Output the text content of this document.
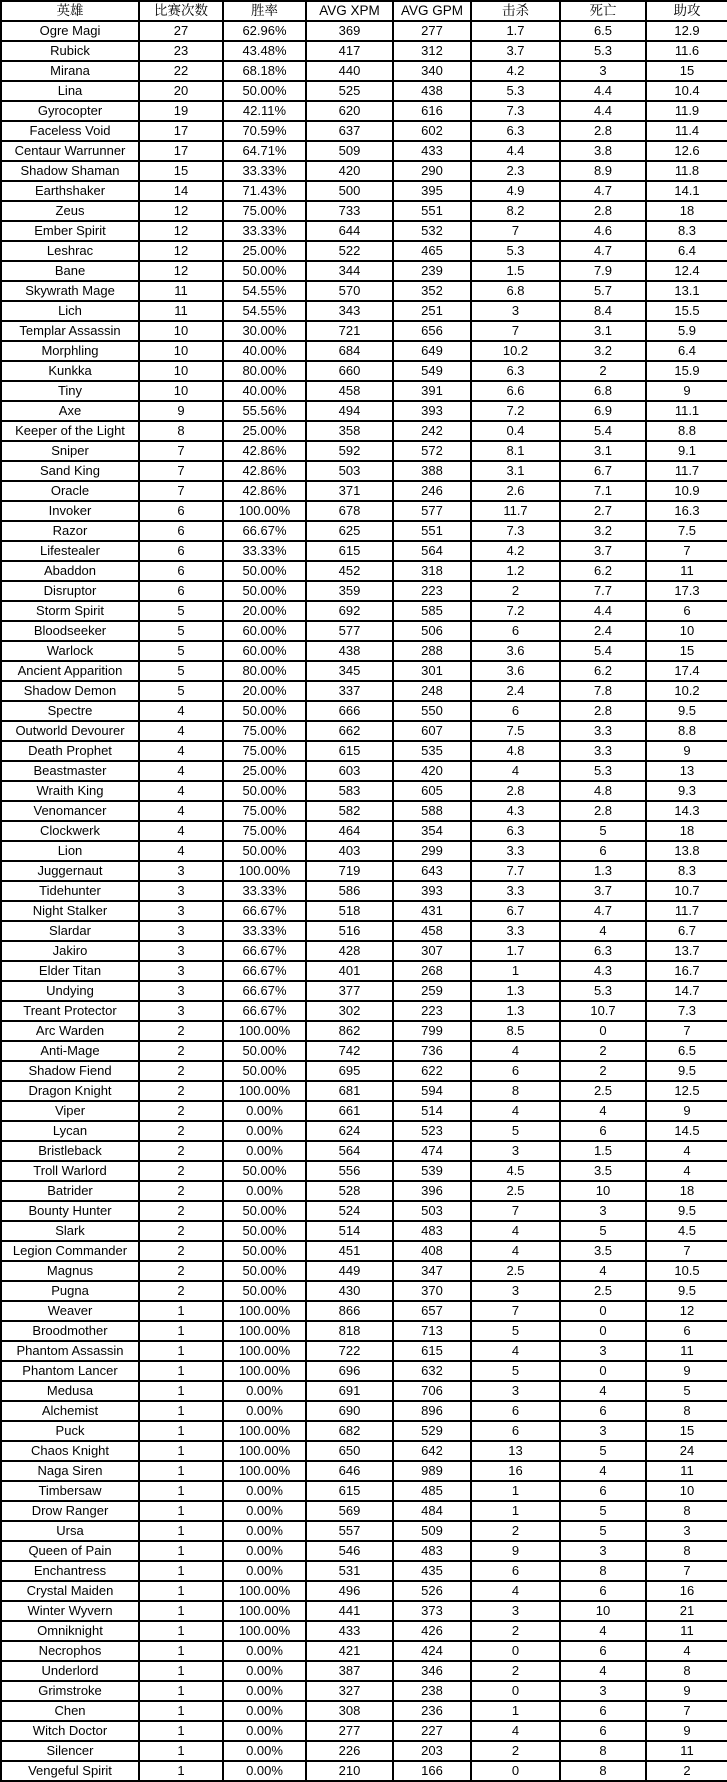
英雄	比赛次数	胜率	AVG XPM	AVG GPM	击杀	死亡	助攻
Ogre Magi	27	62.96%	369	277	1.7	6.5	12.9
Rubick	23	43.48%	417	312	3.7	5.3	11.6
Mirana	22	68.18%	440	340	4.2	3	15
Lina	20	50.00%	525	438	5.3	4.4	10.4
Gyrocopter	19	42.11%	620	616	7.3	4.4	11.9
Faceless Void	17	70.59%	637	602	6.3	2.8	11.4
Centaur Warrunner	17	64.71%	509	433	4.4	3.8	12.6
Shadow Shaman	15	33.33%	420	290	2.3	8.9	11.8
Earthshaker	14	71.43%	500	395	4.9	4.7	14.1
Zeus	12	75.00%	733	551	8.2	2.8	18
Ember Spirit	12	33.33%	644	532	7	4.6	8.3
Leshrac	12	25.00%	522	465	5.3	4.7	6.4
Bane	12	50.00%	344	239	1.5	7.9	12.4
Skywrath Mage	11	54.55%	570	352	6.8	5.7	13.1
Lich	11	54.55%	343	251	3	8.4	15.5
Templar Assassin	10	30.00%	721	656	7	3.1	5.9
Morphling	10	40.00%	684	649	10.2	3.2	6.4
Kunkka	10	80.00%	660	549	6.3	2	15.9
Tiny	10	40.00%	458	391	6.6	6.8	9
Axe	9	55.56%	494	393	7.2	6.9	11.1
Keeper of the Light	8	25.00%	358	242	0.4	5.4	8.8
Sniper	7	42.86%	592	572	8.1	3.1	9.1
Sand King	7	42.86%	503	388	3.1	6.7	11.7
Oracle	7	42.86%	371	246	2.6	7.1	10.9
Invoker	6	100.00%	678	577	11.7	2.7	16.3
Razor	6	66.67%	625	551	7.3	3.2	7.5
Lifestealer	6	33.33%	615	564	4.2	3.7	7
Abaddon	6	50.00%	452	318	1.2	6.2	11
Disruptor	6	50.00%	359	223	2	7.7	17.3
Storm Spirit	5	20.00%	692	585	7.2	4.4	6
Bloodseeker	5	60.00%	577	506	6	2.4	10
Warlock	5	60.00%	438	288	3.6	5.4	15
Ancient Apparition	5	80.00%	345	301	3.6	6.2	17.4
Shadow Demon	5	20.00%	337	248	2.4	7.8	10.2
Spectre	4	50.00%	666	550	6	2.8	9.5
Outworld Devourer	4	75.00%	662	607	7.5	3.3	8.8
Death Prophet	4	75.00%	615	535	4.8	3.3	9
Beastmaster	4	25.00%	603	420	4	5.3	13
Wraith King	4	50.00%	583	605	2.8	4.8	9.3
Venomancer	4	75.00%	582	588	4.3	2.8	14.3
Clockwerk	4	75.00%	464	354	6.3	5	18
Lion	4	50.00%	403	299	3.3	6	13.8
Juggernaut	3	100.00%	719	643	7.7	1.3	8.3
Tidehunter	3	33.33%	586	393	3.3	3.7	10.7
Night Stalker	3	66.67%	518	431	6.7	4.7	11.7
Slardar	3	33.33%	516	458	3.3	4	6.7
Jakiro	3	66.67%	428	307	1.7	6.3	13.7
Elder Titan	3	66.67%	401	268	1	4.3	16.7
Undying	3	66.67%	377	259	1.3	5.3	14.7
Treant Protector	3	66.67%	302	223	1.3	10.7	7.3
Arc Warden	2	100.00%	862	799	8.5	0	7
Anti-Mage	2	50.00%	742	736	4	2	6.5
Shadow Fiend	2	50.00%	695	622	6	2	9.5
Dragon Knight	2	100.00%	681	594	8	2.5	12.5
Viper	2	0.00%	661	514	4	4	9
Lycan	2	0.00%	624	523	5	6	14.5
Bristleback	2	0.00%	564	474	3	1.5	4
Troll Warlord	2	50.00%	556	539	4.5	3.5	4
Batrider	2	0.00%	528	396	2.5	10	18
Bounty Hunter	2	50.00%	524	503	7	3	9.5
Slark	2	50.00%	514	483	4	5	4.5
Legion Commander	2	50.00%	451	408	4	3.5	7
Magnus	2	50.00%	449	347	2.5	4	10.5
Pugna	2	50.00%	430	370	3	2.5	9.5
Weaver	1	100.00%	866	657	7	0	12
Broodmother	1	100.00%	818	713	5	0	6
Phantom Assassin	1	100.00%	722	615	4	3	11
Phantom Lancer	1	100.00%	696	632	5	0	9
Medusa	1	0.00%	691	706	3	4	5
Alchemist	1	0.00%	690	896	6	6	8
Puck	1	100.00%	682	529	6	3	15
Chaos Knight	1	100.00%	650	642	13	5	24
Naga Siren	1	100.00%	646	989	16	4	11
Timbersaw	1	0.00%	615	485	1	6	10
Drow Ranger	1	0.00%	569	484	1	5	8
Ursa	1	0.00%	557	509	2	5	3
Queen of Pain	1	0.00%	546	483	9	3	8
Enchantress	1	0.00%	531	435	6	8	7
Crystal Maiden	1	100.00%	496	526	4	6	16
Winter Wyvern	1	100.00%	441	373	3	10	21
Omniknight	1	100.00%	433	426	2	4	11
Necrophos	1	0.00%	421	424	0	6	4
Underlord	1	0.00%	387	346	2	4	8
Grimstroke	1	0.00%	327	238	0	3	9
Chen	1	0.00%	308	236	1	6	7
Witch Doctor	1	0.00%	277	227	4	6	9
Silencer	1	0.00%	226	203	2	8	11
Vengeful Spirit	1	0.00%	210	166	0	8	2
